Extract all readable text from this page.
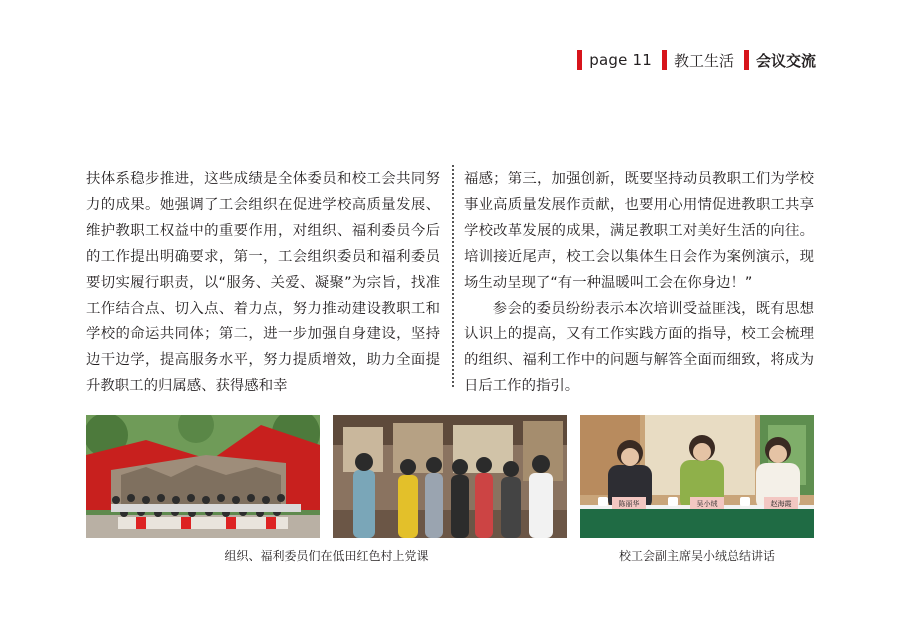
page 11 教工生活 会议交流

扶体系稳步推进，这些成绩是全体委员和校工会共同努力的成果。她强调了工会组织在促进学校高质量发展、维护教职工权益中的重要作用，对组织、福利委员今后的工作提出明确要求，第一，工会组织委员和福利委员要切实履行职责，以“服务、关爱、凝聚”为宗旨，找准工作结合点、切入点、着力点，努力推动建设教职工和学校的命运共同体；第二，进一步加强自身建设，坚持边干边学，提高服务水平，努力提质增效，助力全面提升教职工的归属感、获得感和幸

福感；第三，加强创新，既要坚持动员教职工们为学校事业高质量发展作贡献，也要用心用情促进教职工共享学校改革发展的成果，满足教职工对美好生活的向往。培训接近尾声，校工会以集体生日会作为案例演示，现场生动呈现了“有一种温暖叫工会在你身边！”

参会的委员纷纷表示本次培训受益匪浅，既有思想认识上的提高，又有工作实践方面的指导，校工会梳理的组织、福利工作中的问题与解答全面而细致，将成为日后工作的指引。

陈丽华	吴小绒	赵海霞
组织、福利委员们在低田红色村上党课	校工会副主席吴小绒总结讲话
